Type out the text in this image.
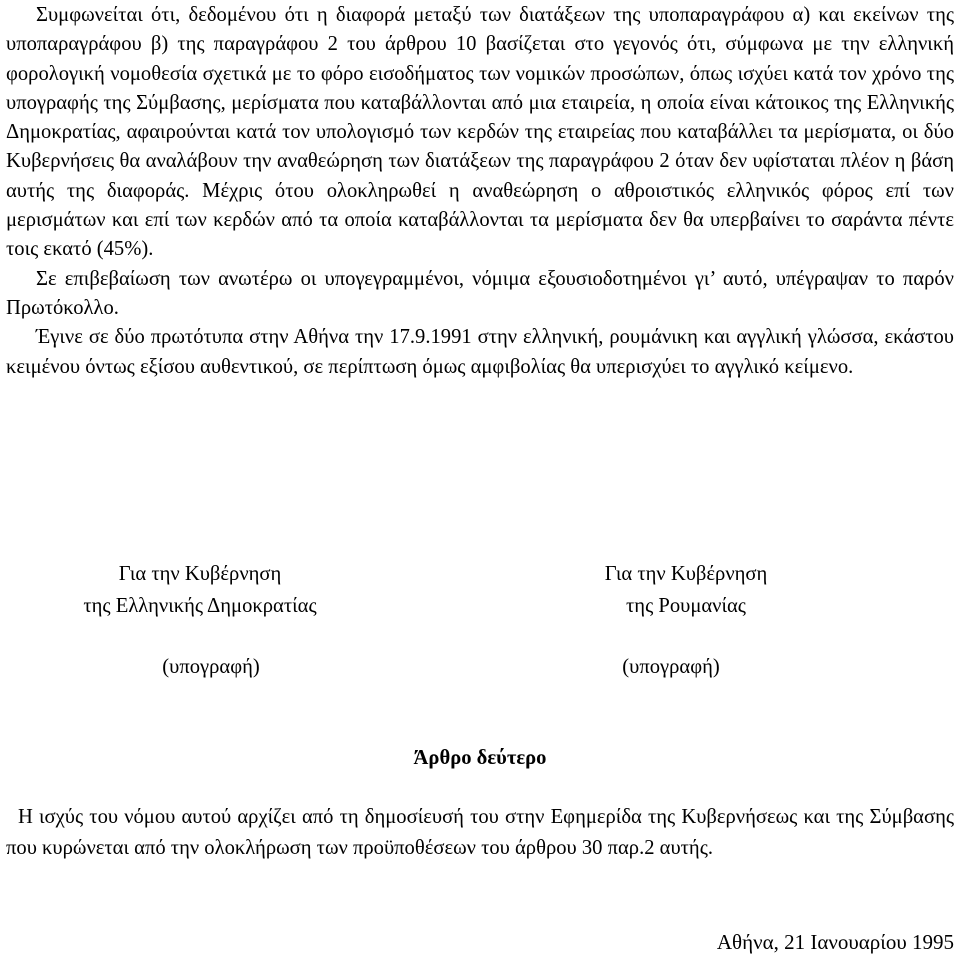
Συμφωνείται ότι, δεδομένου ότι η διαφορά μεταξύ των διατάξεων της υποπαραγράφου α) και εκείνων της υποπαραγράφου β) της παραγράφου 2 του άρθρου 10 βασίζεται στο γεγονός ότι, σύμφωνα με την ελληνική φορολογική νομοθεσία σχετικά με το φόρο εισοδήματος των νομικών προσώπων, όπως ισχύει κατά τον χρόνο της υπογραφής της Σύμβασης, μερίσματα που καταβάλλονται από μια εταιρεία, η οποία είναι κάτοικος της Ελληνικής Δημοκρατίας, αφαιρούνται κατά τον υπολογισμό των κερδών της εταιρείας που καταβάλλει τα μερίσματα, οι δύο Κυβερνήσεις θα αναλάβουν την αναθεώρηση των διατάξεων της παραγράφου 2 όταν δεν υφίσταται πλέον η βάση αυτής της διαφοράς. Μέχρις ότου ολοκληρωθεί η αναθεώρηση ο αθροιστικός ελληνικός φόρος επί των μερισμάτων και επί των κερδών από τα οποία καταβάλλονται τα μερίσματα δεν θα υπερβαίνει το σαράντα πέντε τοις εκατό (45%).

Σε επιβεβαίωση των ανωτέρω οι υπογεγραμμένοι, νόμιμα εξουσιοδοτημένοι γι’ αυτό, υπέγραψαν το παρόν Πρωτόκολλο.

Έγινε σε δύο πρωτότυπα στην Αθήνα την 17.9.1991 στην ελληνική, ρουμάνικη και αγγλική γλώσσα, εκάστου κειμένου όντως εξίσου αυθεντικού, σε περίπτωση όμως αμφιβολίας θα υπερισχύει το αγγλικό κείμενο.

Για την Κυβέρνηση
της Ελληνικής Δημοκρατίας
Για την Κυβέρνηση
της Ρουμανίας
(υπογραφή)	(υπογραφή)
Άρθρο δεύτερο

Η ισχύς του νόμου αυτού αρχίζει από τη δημοσίευσή του στην Εφημερίδα της Κυβερνήσεως και της Σύμβασης που κυρώνεται από την ολοκλήρωση των προϋποθέσεων του άρθρου 30 παρ.2 αυτής.

Αθήνα, 21 Ιανουαρίου 1995
